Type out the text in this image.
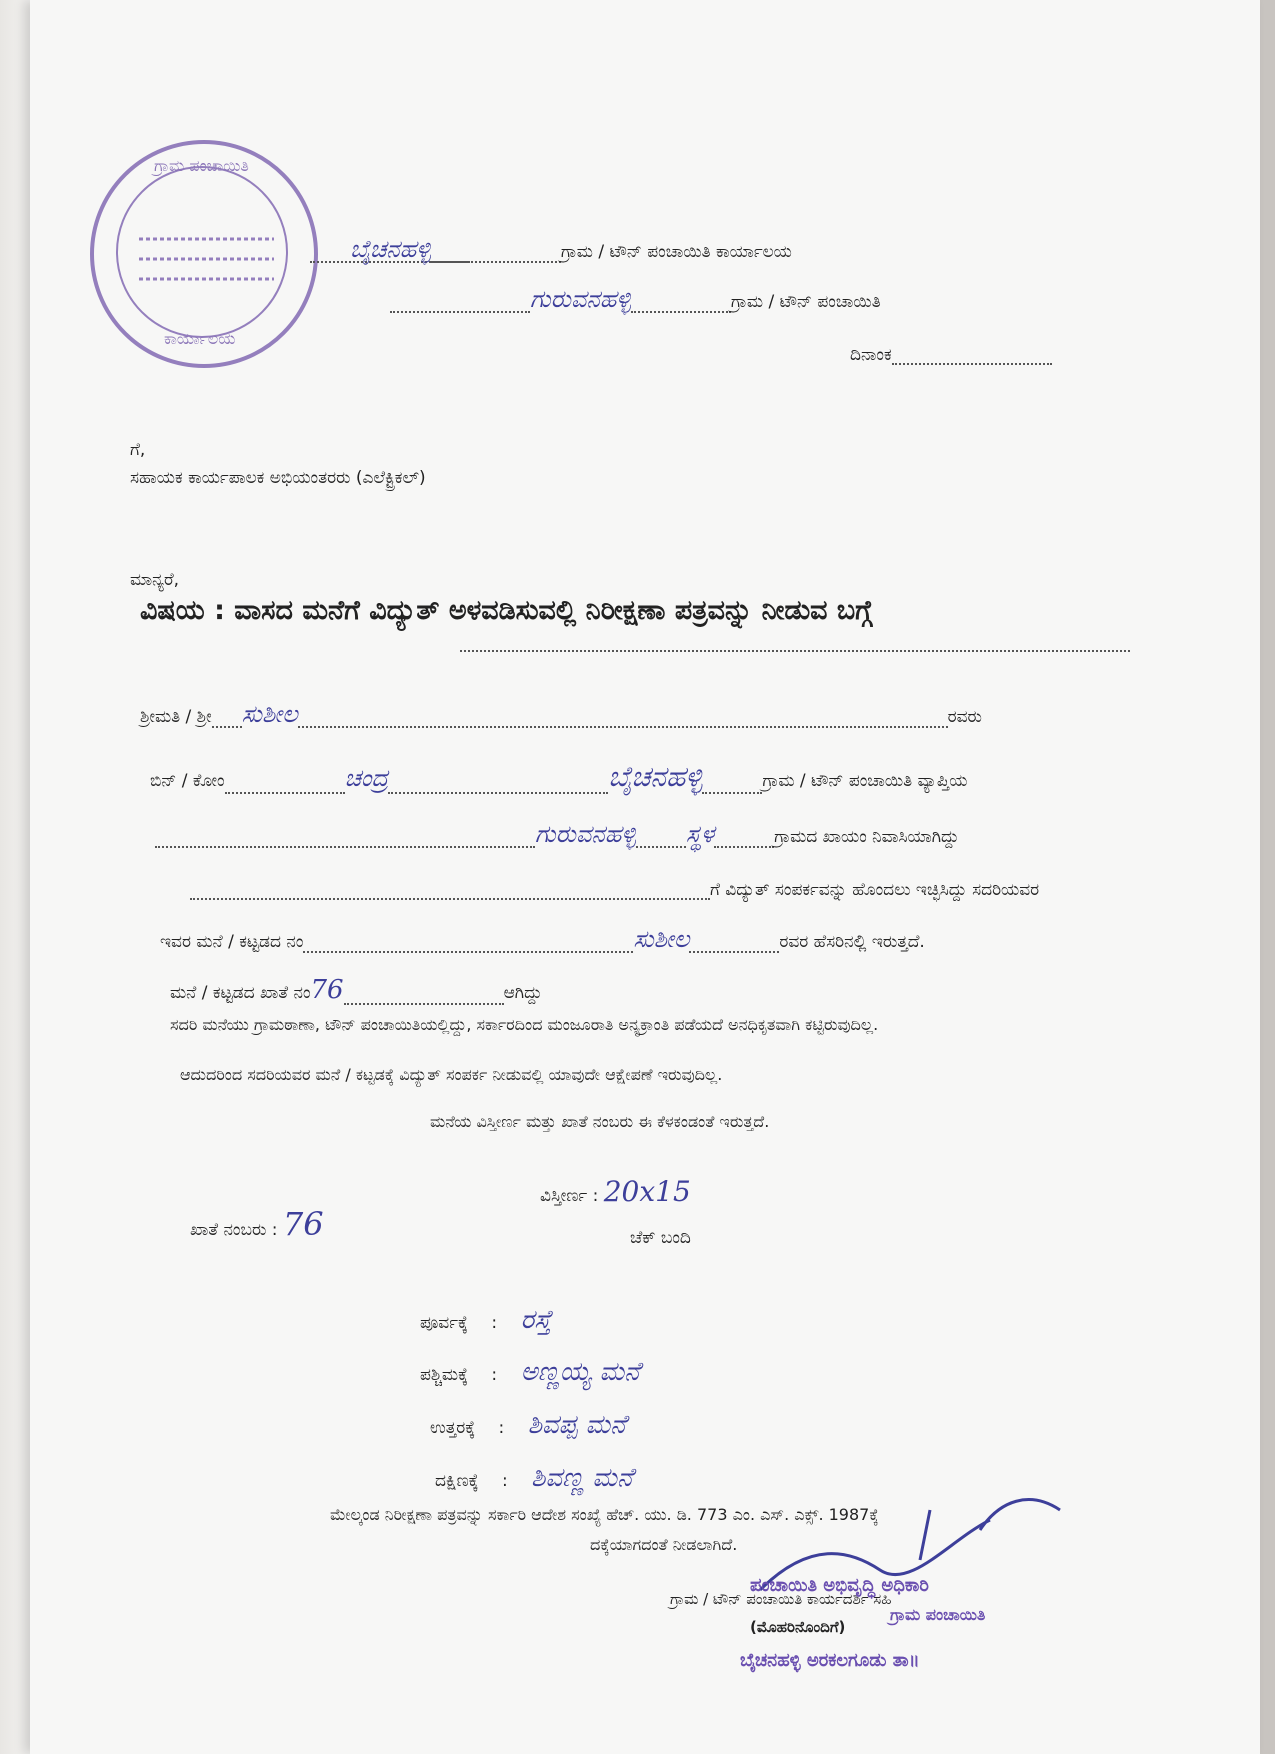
ಗ್ರಾಮ ಪಂಚಾಯಿತಿ
ಕಾರ್ಯಾಲಯ
ಬೈಚನಹಳ್ಳಿ	ಗ್ರಾಮ / ಟೌನ್ ಪಂಚಾಯಿತಿ ಕಾರ್ಯಾಲಯ
ಗುರುವನಹಳ್ಳಿ	ಗ್ರಾಮ / ಟೌನ್ ಪಂಚಾಯಿತಿ
ದಿನಾಂಕ
ಗೆ,
ಸಹಾಯಕ ಕಾರ್ಯಪಾಲಕ ಅಭಿಯಂತರರು (ಎಲೆಕ್ಟ್ರಿಕಲ್)
ಮಾನ್ಯರೆ,
ವಿಷಯ : ವಾಸದ ಮನೆಗೆ ವಿದ್ಯುತ್ ಅಳವಡಿಸುವಲ್ಲಿ ನಿರೀಕ್ಷಣಾ ಪತ್ರವನ್ನು ನೀಡುವ ಬಗ್ಗೆ
ಶ್ರೀಮತಿ / ಶ್ರೀ ಸುಶೀಲ	ರವರು
ಬಿನ್ / ಕೋಂ	ಚಂದ್ರ	ಬೈಚನಹಳ್ಳಿ	ಗ್ರಾಮ / ಟೌನ್ ಪಂಚಾಯಿತಿ ವ್ಯಾಪ್ತಿಯ
ಗುರುವನಹಳ್ಳಿ ಸ್ಥಳ	ಗ್ರಾಮದ ಖಾಯಂ ನಿವಾಸಿಯಾಗಿದ್ದು
ಗೆ ವಿದ್ಯುತ್ ಸಂಪರ್ಕವನ್ನು ಹೊಂದಲು ಇಚ್ಛಿಸಿದ್ದು ಸದರಿಯವರ
ಇವರ ಮನೆ / ಕಟ್ಟಡದ ನಂ	ಸುಶೀಲ	ರವರ ಹೆಸರಿನಲ್ಲಿ ಇರುತ್ತದೆ.
ಮನೆ / ಕಟ್ಟಡದ ಖಾತೆ ನಂ76	ಆಗಿದ್ದು
ಸದರಿ ಮನೆಯು ಗ್ರಾಮಠಾಣಾ, ಟೌನ್ ಪಂಚಾಯಿತಿಯಲ್ಲಿದ್ದು, ಸರ್ಕಾರದಿಂದ ಮಂಜೂರಾತಿ ಅನ್ಯಕ್ರಾಂತಿ ಪಡೆಯದೆ ಅನಧಿಕೃತವಾಗಿ ಕಟ್ಟಿರುವುದಿಲ್ಲ.
ಆದುದರಿಂದ ಸದರಿಯವರ ಮನೆ / ಕಟ್ಟಡಕ್ಕೆ ವಿದ್ಯುತ್ ಸಂಪರ್ಕ ನೀಡುವಲ್ಲಿ ಯಾವುದೇ ಆಕ್ಷೇಪಣೆ ಇರುವುದಿಲ್ಲ.
ಮನೆಯ ವಿಸ್ತೀರ್ಣ ಮತ್ತು ಖಾತೆ ನಂಬರು ಈ ಕೆಳಕಂಡಂತೆ ಇರುತ್ತದೆ.
ಖಾತೆ ನಂಬರು : 76
ವಿಸ್ತೀರ್ಣ : 20x15
ಚೆಕ್ ಬಂದಿ
ಪೂರ್ವಕ್ಕೆ : ರಸ್ತೆ
ಪಶ್ಚಿಮಕ್ಕೆ : ಅಣ್ಣಯ್ಯ ಮನೆ
ಉತ್ತರಕ್ಕೆ : ಶಿವಪ್ಪ ಮನೆ
ದಕ್ಷಿಣಕ್ಕೆ : ಶಿವಣ್ಣ ಮನೆ
ಮೇಲ್ಕಂಡ ನಿರೀಕ್ಷಣಾ ಪತ್ರವನ್ನು ಸರ್ಕಾರಿ ಆದೇಶ ಸಂಖ್ಯೆ ಹೆಚ್. ಯು. ಡಿ. 773 ಎಂ. ಎಸ್. ಎಕ್ಸ್. 1987ಕ್ಕೆ
ದಕ್ಕೆಯಾಗದಂತೆ ನೀಡಲಾಗಿದೆ.
ಗ್ರಾಮ / ಟೌನ್ ಪಂಚಾಯಿತಿ ಕಾರ್ಯದರ್ಶಿ ಸಹಿ
ಪಂಚಾಯಿತಿ ಅಭಿವೃದ್ಧಿ ಅಧಿಕಾರಿ
(ಮೊಹರಿನೊಂದಿಗೆ)
ಗ್ರಾಮ ಪಂಚಾಯಿತಿ
ಬೈಚನಹಳ್ಳಿ ಅರಕಲಗೂಡು ತಾ॥
